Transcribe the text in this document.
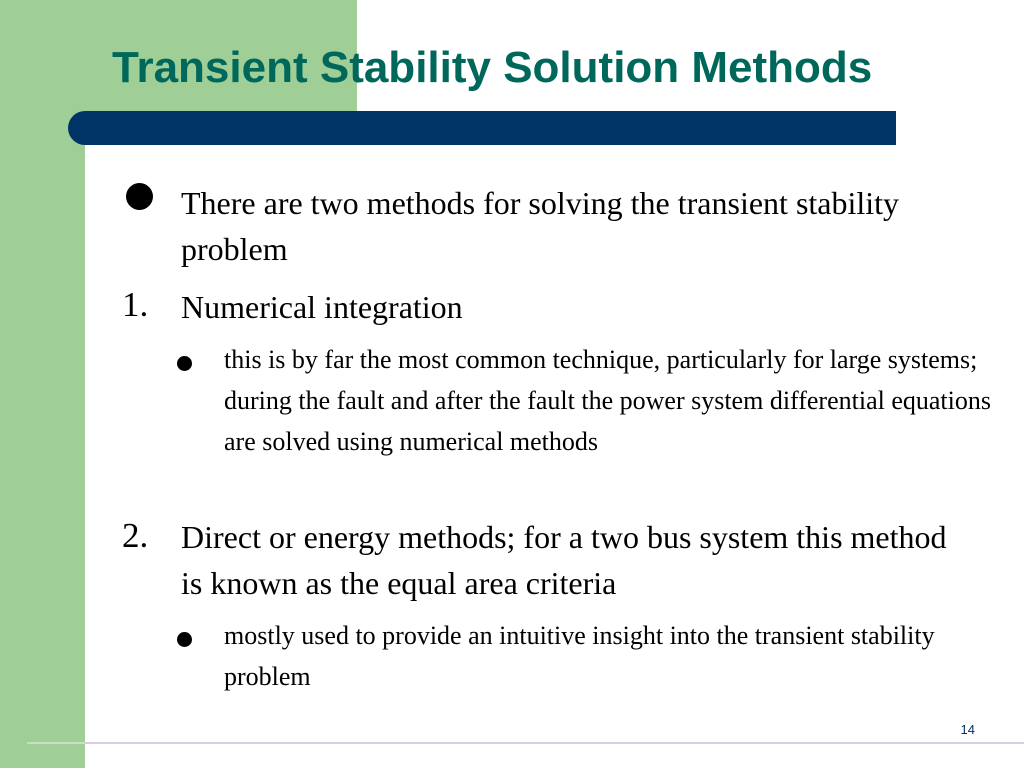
Transient Stability Solution Methods
There are two methods for solving the transient stability problem
1. Numerical integration
this is by far the most common technique, particularly for large systems; during the fault and after the fault the power system differential equations are solved using numerical methods
2. Direct or energy methods; for a two bus system this method is known as the equal area criteria
mostly used to provide an intuitive insight into the transient stability problem
14
